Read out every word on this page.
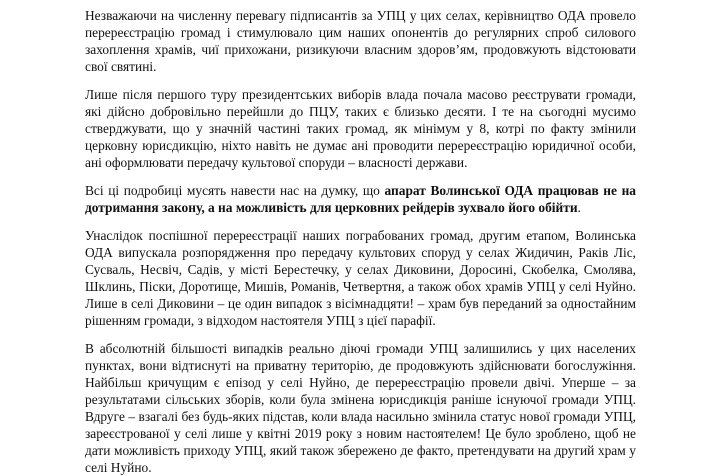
Незважаючи на численну перевагу підписантів за УПЦ у цих селах, керівництво ОДА провело перереєстрацію громад і стимулювало цим наших опонентів до регулярних спроб силового захоплення храмів, чиї прихожани, ризикуючи власним здоров’ям, продовжують відстоювати свої святині.

Лише після першого туру президентських виборів влада почала масово реєструвати громади, які дійсно добровільно перейшли до ПЦУ, таких є близько десяти. І те на сьогодні мусимо стверджувати, що у значній частині таких громад, як мінімум у 8, котрі по факту змінили церковну юрисдикцію, ніхто навіть не думає ані проводити перереєстрацію юридичної особи, ані оформлювати передачу культової споруди – власності держави.

Всі ці подробиці мусять навести нас на думку, що апарат Волинської ОДА працював не на дотримання закону, а на можливість для церковних рейдерів зухвало його обійти.

Унаслідок поспішної перереєстрації наших пограбованих громад, другим етапом, Волинська ОДА випускала розпорядження про передачу культових споруд у селах Жидичин, Раків Ліс, Сусваль, Несвіч, Садів, у місті Берестечку, у селах Диковини, Доросині, Скобелка, Смолява, Шклинь, Піски, Доротище, Мишів, Романів, Четвертня, а також обох храмів УПЦ у селі Нуйно. Лише в селі Диковини – це один випадок з вісімнадцяти! – храм був переданий за одностайним рішенням громади, з відходом настоятеля УПЦ з цієї парафії.

В абсолютній більшості випадків реально діючі громади УПЦ залишились у цих населених пунктах, вони відтиснуті на приватну територію, де продовжують здійснювати богослужіння. Найбільш кричущим є епізод у селі Нуйно, де перереєстрацію провели двічі. Уперше – за результатами сільських зборів, коли була змінена юрисдикція раніше існуючої громади УПЦ. Вдруге – взагалі без будь-яких підстав, коли влада насильно змінила статус нової громади УПЦ, зареєстрованої у селі лише у квітні 2019 року з новим настоятелем! Це було зроблено, щоб не дати можливість приходу УПЦ, який також збережено де факто, претендувати на другий храм у селі Нуйно.
